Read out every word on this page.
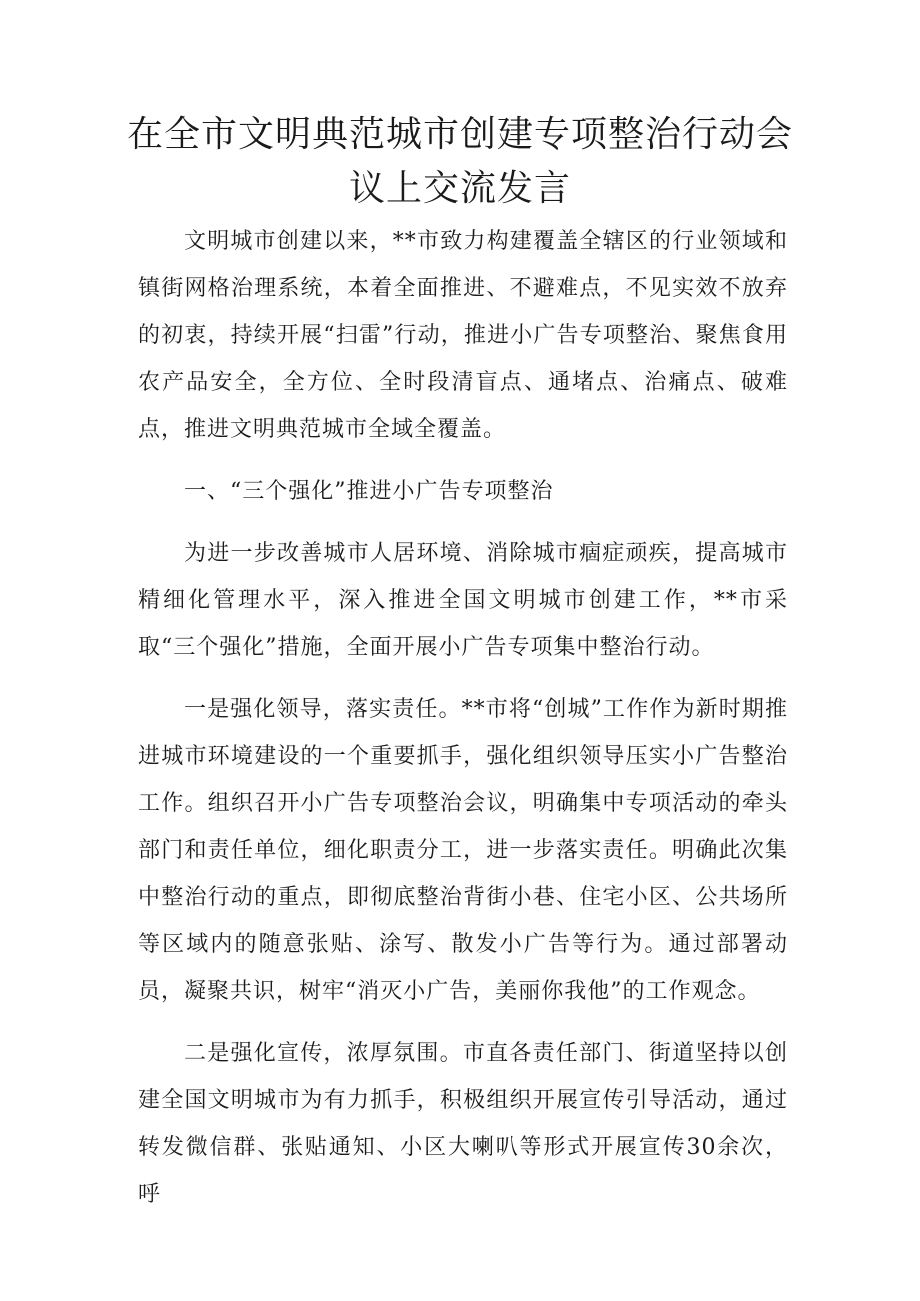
在全市文明典范城市创建专项整治行动会
议上交流发言

文明城市创建以来，**市致力构建覆盖全辖区的行业领域和镇街网格治理系统，本着全面推进、不避难点，不见实效不放弃的初衷，持续开展“扫雷”行动，推进小广告专项整治、聚焦食用农产品安全，全方位、全时段清盲点、通堵点、治痛点、破难点，推进文明典范城市全域全覆盖。

一、“三个强化”推进小广告专项整治

为进一步改善城市人居环境、消除城市痼症顽疾，提高城市精细化管理水平，深入推进全国文明城市创建工作，**市采取“三个强化”措施，全面开展小广告专项集中整治行动。

一是强化领导，落实责任。**市将“创城”工作作为新时期推进城市环境建设的一个重要抓手，强化组织领导压实小广告整治工作。组织召开小广告专项整治会议，明确集中专项活动的牵头部门和责任单位，细化职责分工，进一步落实责任。明确此次集中整治行动的重点，即彻底整治背街小巷、住宅小区、公共场所等区域内的随意张贴、涂写、散发小广告等行为。通过部署动员，凝聚共识，树牢“消灭小广告，美丽你我他”的工作观念。

二是强化宣传，浓厚氛围。市直各责任部门、街道坚持以创建全国文明城市为有力抓手，积极组织开展宣传引导活动，通过转发微信群、张贴通知、小区大喇叭等形式开展宣传30余次，呼
